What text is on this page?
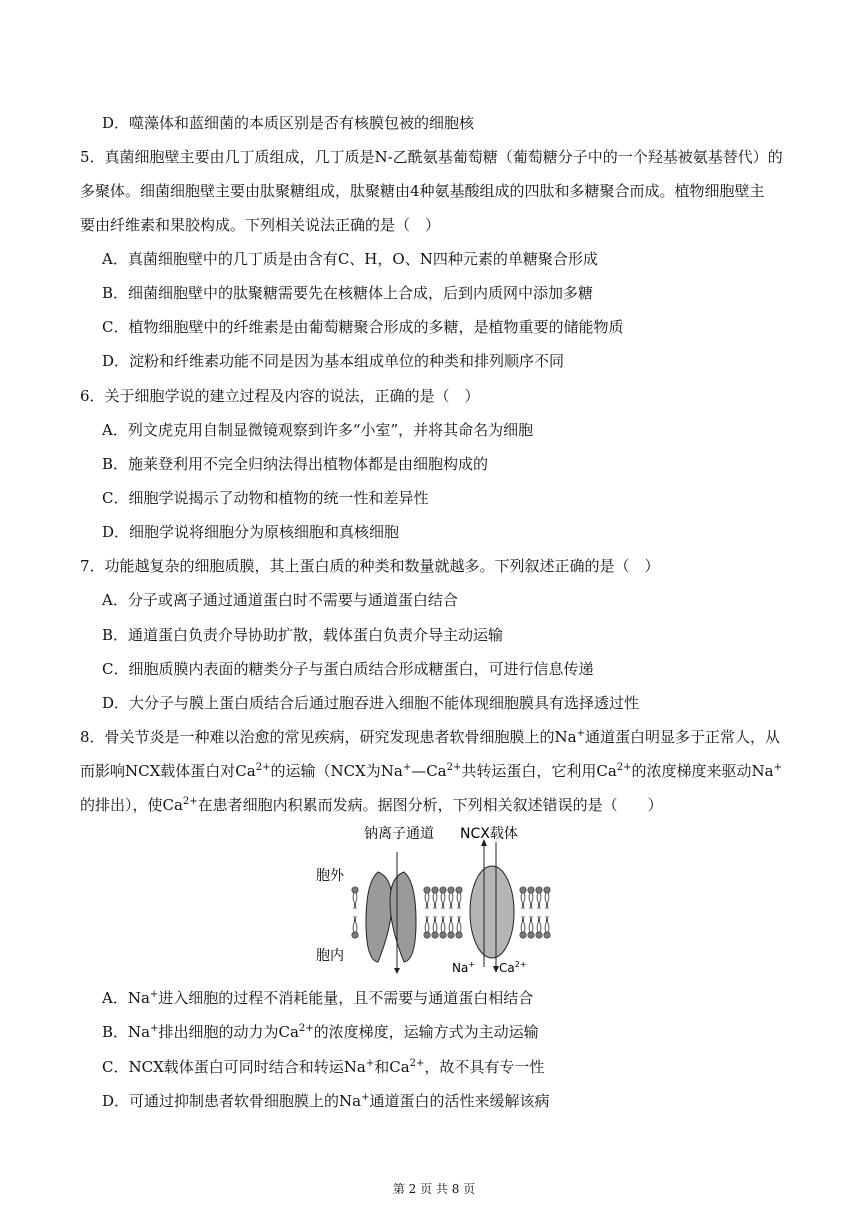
D．噬藻体和蓝细菌的本质区别是否有核膜包被的细胞核
5．真菌细胞壁主要由几丁质组成，几丁质是N-乙酰氨基葡萄糖（葡萄糖分子中的一个羟基被氨基替代）的
多聚体。细菌细胞壁主要由肽聚糖组成，肽聚糖由4种氨基酸组成的四肽和多糖聚合而成。植物细胞壁主
要由纤维素和果胶构成。下列相关说法正确的是（　）
A．真菌细胞壁中的几丁质是由含有C、H，O、N四种元素的单糖聚合形成
B．细菌细胞壁中的肽聚糖需要先在核糖体上合成，后到内质网中添加多糖
C．植物细胞壁中的纤维素是由葡萄糖聚合形成的多糖，是植物重要的储能物质
D．淀粉和纤维素功能不同是因为基本组成单位的种类和排列顺序不同
6．关于细胞学说的建立过程及内容的说法，正确的是（　）
A．列文虎克用自制显微镜观察到许多“小室”，并将其命名为细胞
B．施莱登利用不完全归纳法得出植物体都是由细胞构成的
C．细胞学说揭示了动物和植物的统一性和差异性
D．细胞学说将细胞分为原核细胞和真核细胞
7．功能越复杂的细胞质膜，其上蛋白质的种类和数量就越多。下列叙述正确的是（　）
A．分子或离子通过通道蛋白时不需要与通道蛋白结合
B．通道蛋白负责介导协助扩散，载体蛋白负责介导主动运输
C．细胞质膜内表面的糖类分子与蛋白质结合形成糖蛋白，可进行信息传递
D．大分子与膜上蛋白质结合后通过胞吞进入细胞不能体现细胞膜具有选择透过性
8．骨关节炎是一种难以治愈的常见疾病，研究发现患者软骨细胞膜上的Na+通道蛋白明显多于正常人，从
而影响NCX载体蛋白对$Ca^{2+}$的运输（NCX为$Na^+—Ca^{2+}$共转运蛋白，它利用$Ca^{2+}$的浓度梯度来驱动Na+
的排出），使$Ca^{2+}$在患者细胞内积累而发病。据图分析，下列相关叙述错误的是（　　）
钠离子通道 NCX载体
胞外
胞内
Na+ $Ca^{2+}$
A．Na+进入细胞的过程不消耗能量，且不需要与通道蛋白相结合
B．Na+排出细胞的动力为$Ca^{2+}$的浓度梯度，运输方式为主动运输
C．NCX载体蛋白可同时结合和转运Na+和$Ca^{2+}$，故不具有专一性
D．可通过抑制患者软骨细胞膜上的Na+通道蛋白的活性来缓解该病
第 2 页 共 8 页
